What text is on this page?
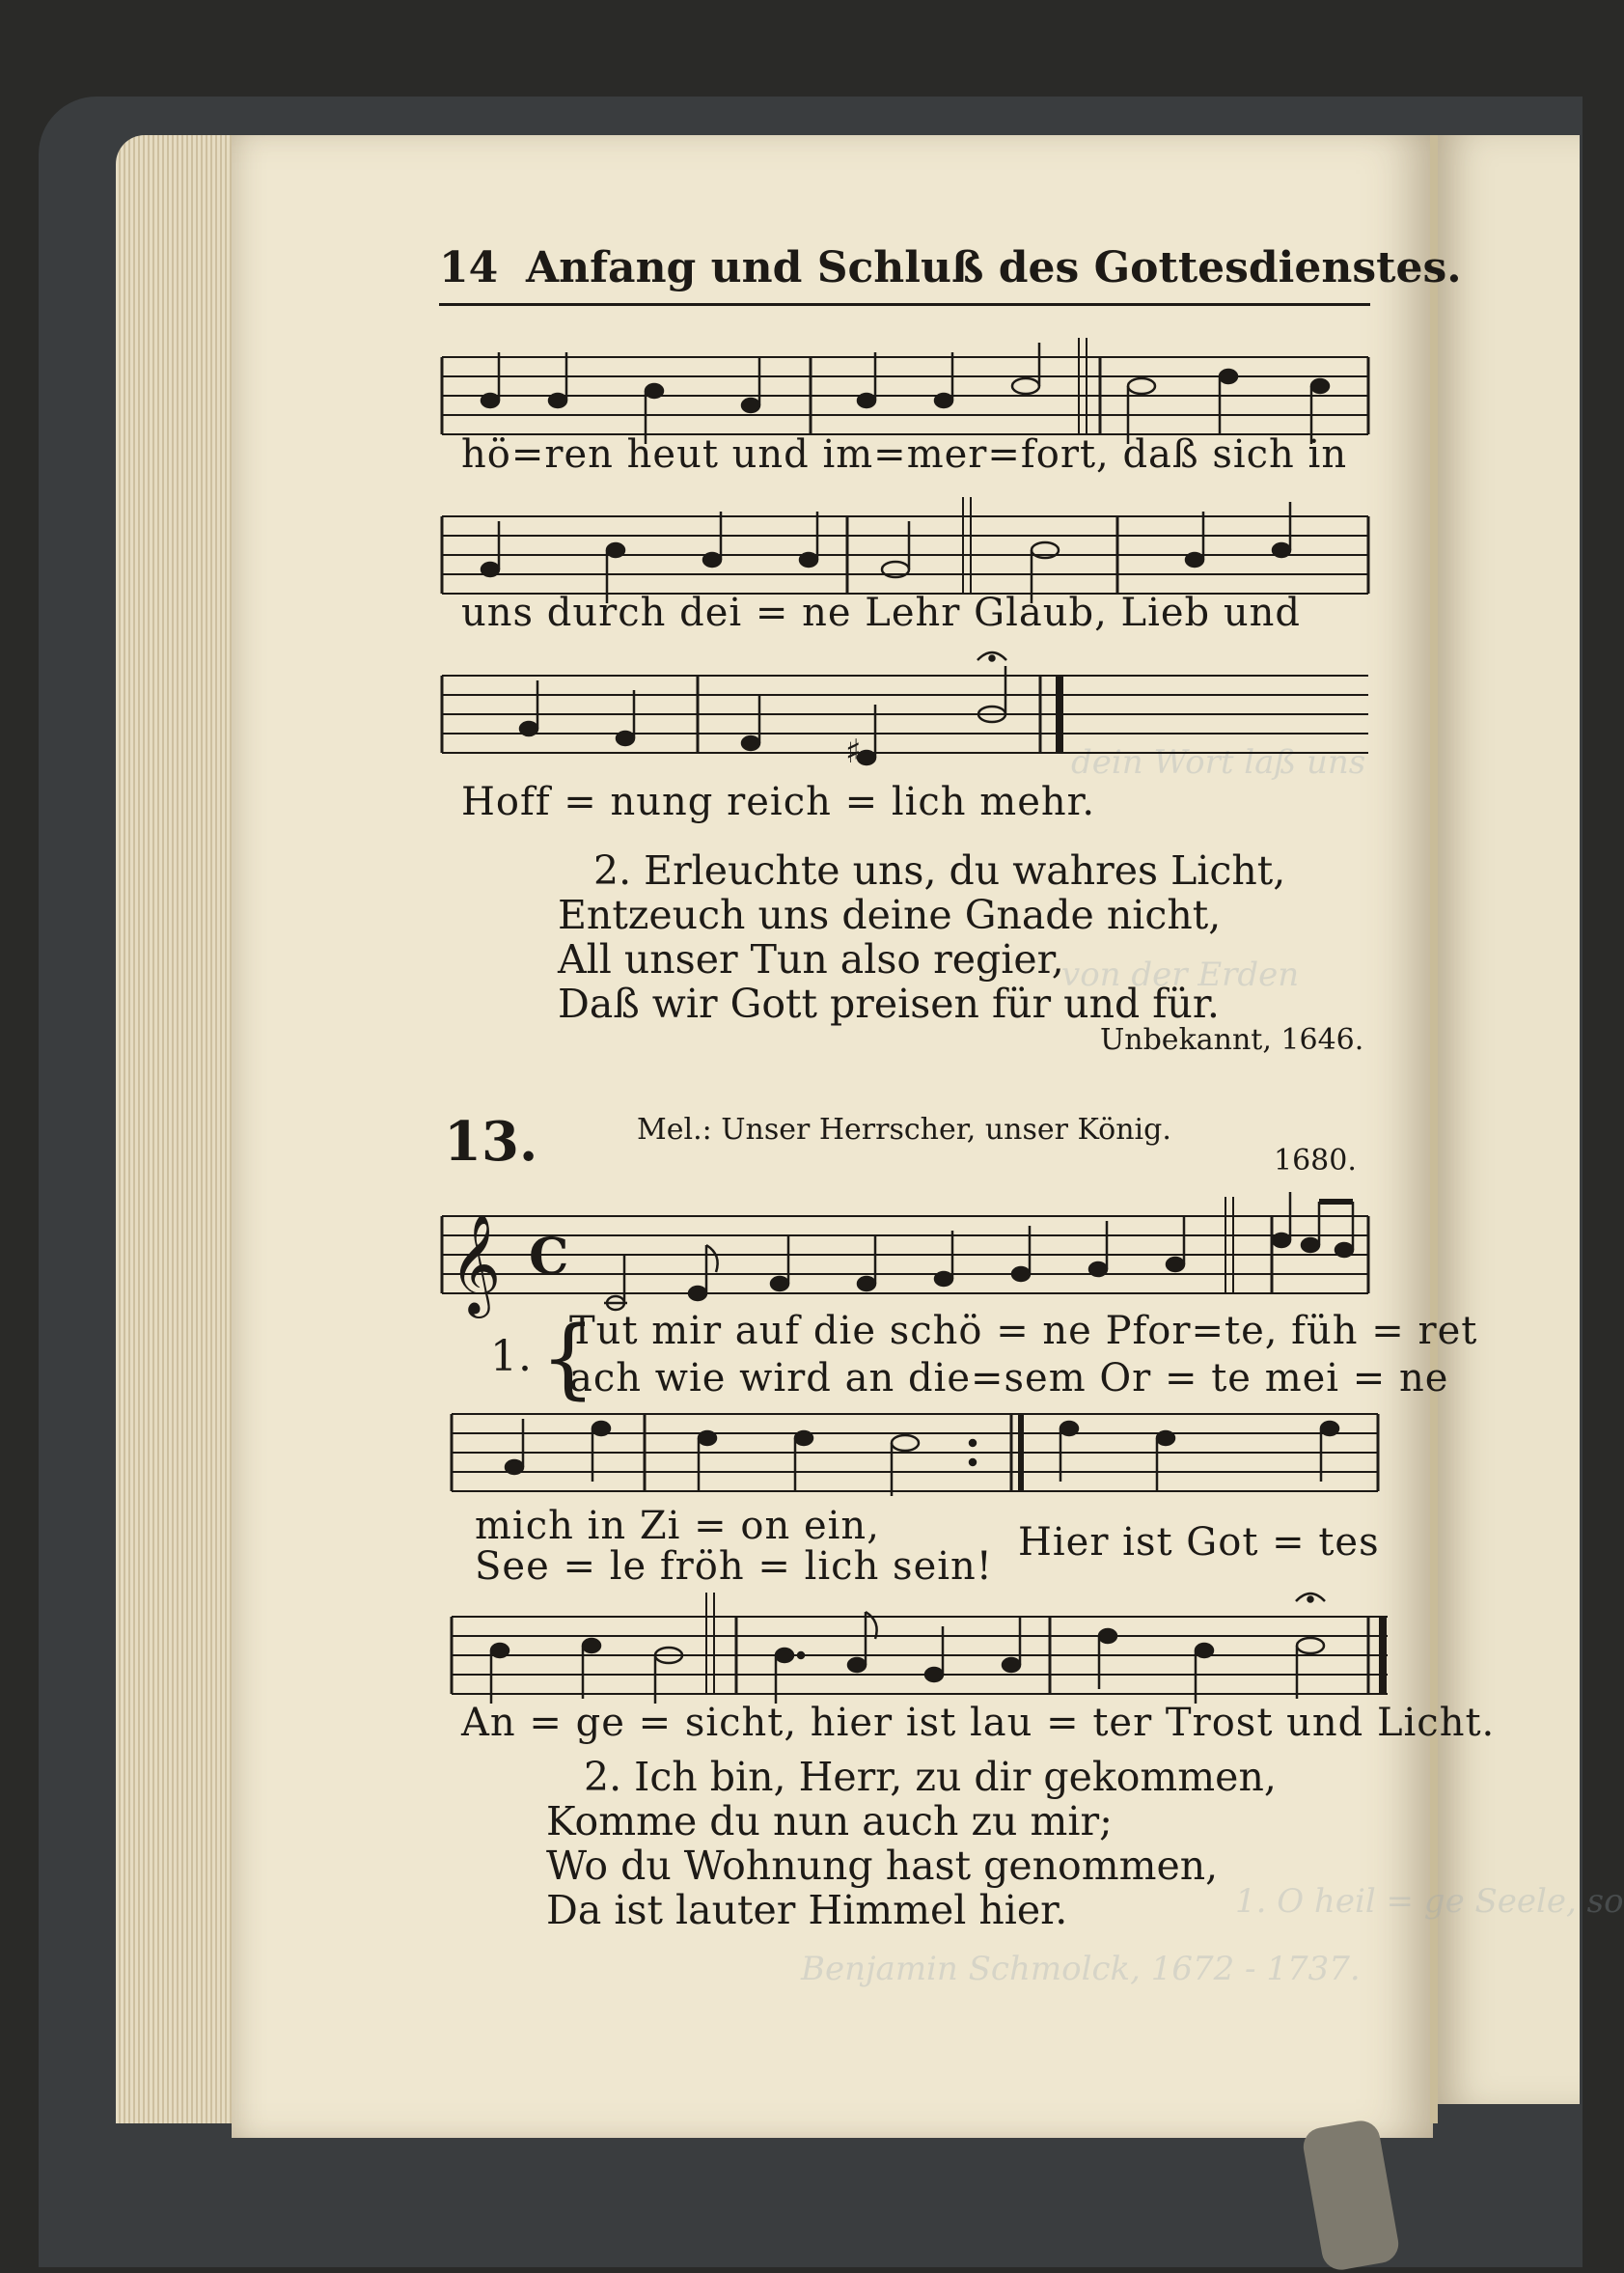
dein Wort laß uns
von der Erden
1. O heil = ge Seele, so
Benjamin Schmolck, 1672 - 1737.
14 Anfang und Schluß des Gottesdienstes.
hö=ren heut und im=mer=fort, daß sich in
uns durch dei = ne Lehr Glaub, Lieb und
♯
Hoff = nung reich = lich mehr.
2. Erleuchte uns, du wahres Licht,
Entzeuch uns deine Gnade nicht,
All unser Tun also regier,
Daß wir Gott preisen für und für.
Unbekannt, 1646.
13.	Mel.: Unser Herrscher, unser König.
1680.
𝄞 C
1. {
Tut mir auf die schö = ne Pfor=te, füh = ret
ach wie wird an die=sem Or = te mei = ne
mich in Zi = on ein,	Hier ist Got = tes
See = le fröh = lich sein!
An = ge = sicht, hier ist lau = ter Trost und Licht.
2. Ich bin, Herr, zu dir gekommen,
Komme du nun auch zu mir;
Wo du Wohnung hast genommen,
Da ist lauter Himmel hier.
